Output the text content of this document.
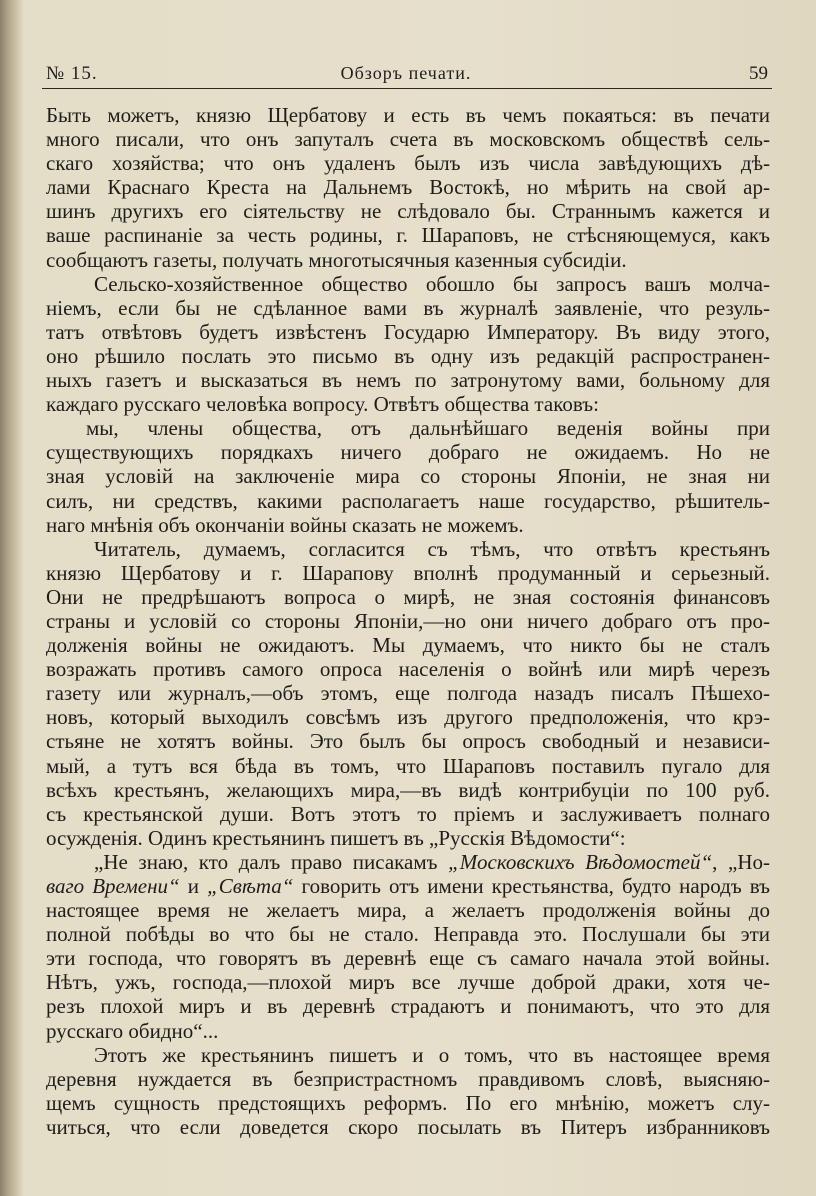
№ 15.	Обзоръ печати.	59
Быть можетъ, князю Щербатову и есть въ чемъ покаяться: въ печати
много писали, что онъ запуталъ счета въ московскомъ обществѣ сель-
скаго хозяйства; что онъ удаленъ былъ изъ числа завѣдующихъ дѣ-
лами Краснаго Креста на Дальнемъ Востокѣ, но мѣрить на свой ар-
шинъ другихъ его сіятельству не слѣдовало бы. Страннымъ кажется и
ваше распинаніе за честь родины, г. Шараповъ, не стѣсняющемуся, какъ
сообщаютъ газеты, получать многотысячныя казенныя субсидіи.
Сельско-хозяйственное общество обошло бы запросъ вашъ молча-
ніемъ, если бы не сдѣланное вами въ журналѣ заявленіе, что резуль-
татъ отвѣтовъ будетъ извѣстенъ Государю Императору. Въ виду этого,
оно рѣшило послать это письмо въ одну изъ редакцій распространен-
ныхъ газетъ и высказаться въ немъ по затронутому вами, больному для
каждаго русскаго человѣка вопросу. Отвѣтъ общества таковъ:
мы, члены общества, отъ дальнѣйшаго веденія войны при
существующихъ порядкахъ ничего добраго не ожидаемъ. Но не
зная условій на заключеніе мира со стороны Японіи, не зная ни
силъ, ни средствъ, какими располагаетъ наше государство, рѣшитель-
наго мнѣнія объ окончаніи войны сказать не можемъ.
Читатель, думаемъ, согласится съ тѣмъ, что отвѣтъ крестьянъ
князю Щербатову и г. Шарапову вполнѣ продуманный и серьезный.
Они не предрѣшаютъ вопроса о мирѣ, не зная состоянія финансовъ
страны и условій со стороны Японіи,—но они ничего добраго отъ про-
долженія войны не ожидаютъ. Мы думаемъ, что никто бы не сталъ
возражать противъ самого опроса населенія о войнѣ или мирѣ черезъ
газету или журналъ,—объ этомъ, еще полгода назадъ писалъ Пѣшехо-
новъ, который выходилъ совсѣмъ изъ другого предположенія, что крэ-
стьяне не хотятъ войны. Это былъ бы опросъ свободный и независи-
мый, а тутъ вся бѣда въ томъ, что Шараповъ поставилъ пугало для
всѣхъ крестьянъ, желающихъ мира,—въ видѣ контрибуціи по 100 руб.
съ крестьянской души. Вотъ этотъ то пріемъ и заслуживаетъ полнаго
осужденія. Одинъ крестьянинъ пишетъ въ „Русскія Вѣдомости“:
„Не знаю, кто далъ право писакамъ „Московскихъ Вѣдомостей“, „Но-
ваго Времени“ и „Свѣта“ говорить отъ имени крестьянства, будто народъ въ
настоящее время не желаетъ мира, а желаетъ продолженія войны до
полной побѣды во что бы не стало. Неправда это. Послушали бы эти
эти господа, что говорятъ въ деревнѣ еще съ самаго начала этой войны.
Нѣтъ, ужъ, господа,—плохой миръ все лучше доброй драки, хотя че-
резъ плохой миръ и въ деревнѣ страдаютъ и понимаютъ, что это для
русскаго обидно“...
Этотъ же крестьянинъ пишетъ и о томъ, что въ настоящее время
деревня нуждается въ безпристрастномъ правдивомъ словѣ, выясняю-
щемъ сущность предстоящихъ реформъ. По его мнѣнію, можетъ слу-
читься, что если доведется скоро посылать въ Питеръ избранниковъ
